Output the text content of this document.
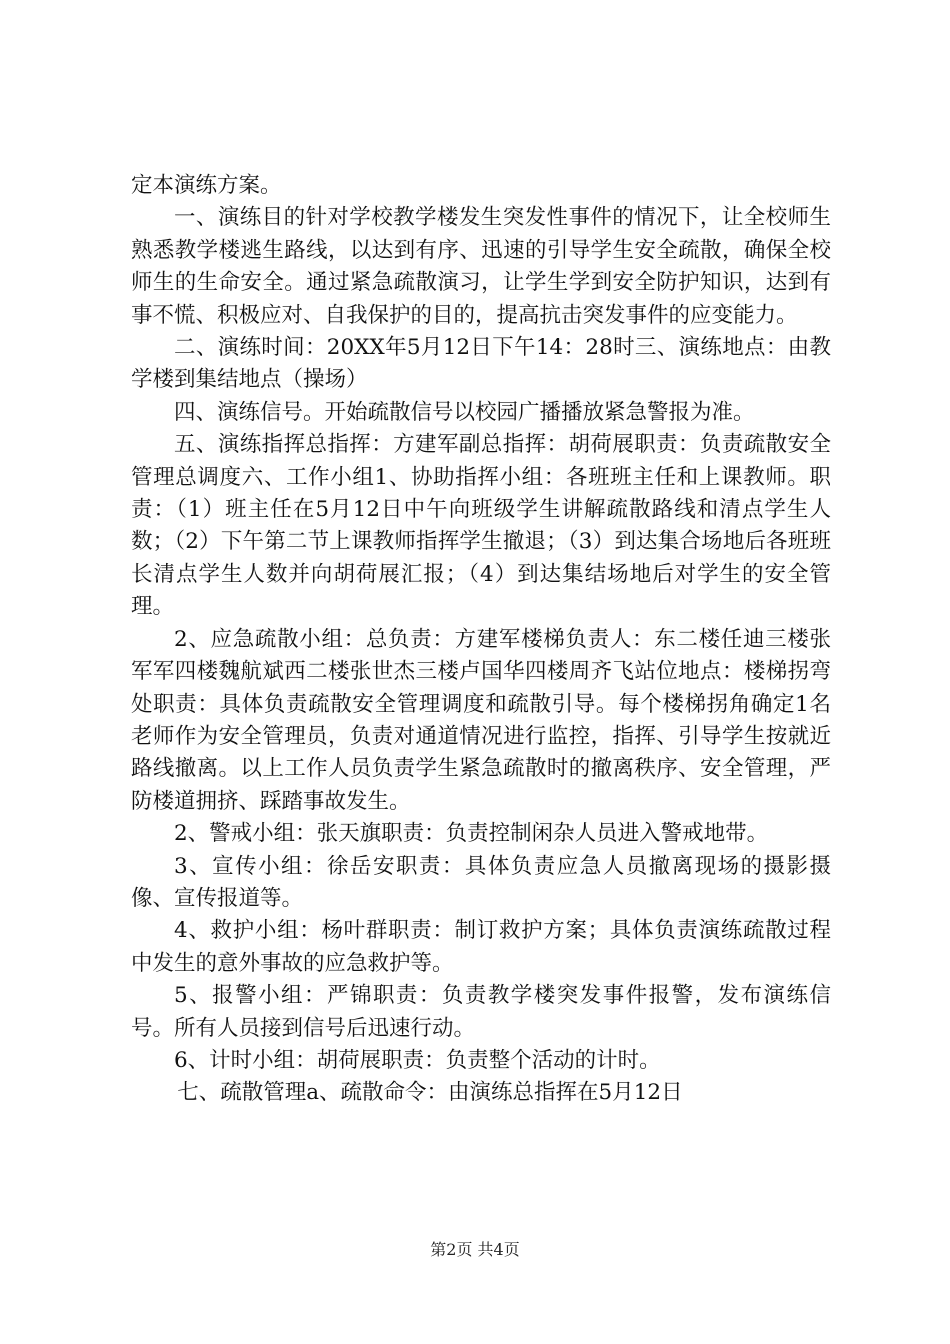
定本演练方案。

一、演练目的针对学校教学楼发生突发性事件的情况下，让全校师生熟悉教学楼逃生路线，以达到有序、迅速的引导学生安全疏散，确保全校师生的生命安全。通过紧急疏散演习，让学生学到安全防护知识，达到有事不慌、积极应对、自我保护的目的，提高抗击突发事件的应变能力。

二、演练时间：20XX年5月12日下午14：28时三、演练地点：由教学楼到集结地点（操场）

四、演练信号。开始疏散信号以校园广播播放紧急警报为准。

五、演练指挥总指挥：方建军副总指挥：胡荷展职责：负责疏散安全管理总调度六、工作小组1、协助指挥小组：各班班主任和上课教师。职责：（1）班主任在5月12日中午向班级学生讲解疏散路线和清点学生人数；（2）下午第二节上课教师指挥学生撤退；（3）到达集合场地后各班班长清点学生人数并向胡荷展汇报；（4）到达集结场地后对学生的安全管理。

2、应急疏散小组：总负责：方建军楼梯负责人：东二楼任迪三楼张军军四楼魏航斌西二楼张世杰三楼卢国华四楼周齐飞站位地点：楼梯拐弯处职责：具体负责疏散安全管理调度和疏散引导。每个楼梯拐角确定1名老师作为安全管理员，负责对通道情况进行监控，指挥、引导学生按就近路线撤离。以上工作人员负责学生紧急疏散时的撤离秩序、安全管理，严防楼道拥挤、踩踏事故发生。

2、警戒小组：张天旗职责：负责控制闲杂人员进入警戒地带。

3、宣传小组：徐岳安职责：具体负责应急人员撤离现场的摄影摄像、宣传报道等。

4、救护小组：杨叶群职责：制订救护方案；具体负责演练疏散过程中发生的意外事故的应急救护等。

5、报警小组：严锦职责：负责教学楼突发事件报警，发布演练信号。所有人员接到信号后迅速行动。

6、计时小组：胡荷展职责：负责整个活动的计时。

七、疏散管理a、疏散命令：由演练总指挥在5月12日

第2页 共4页
